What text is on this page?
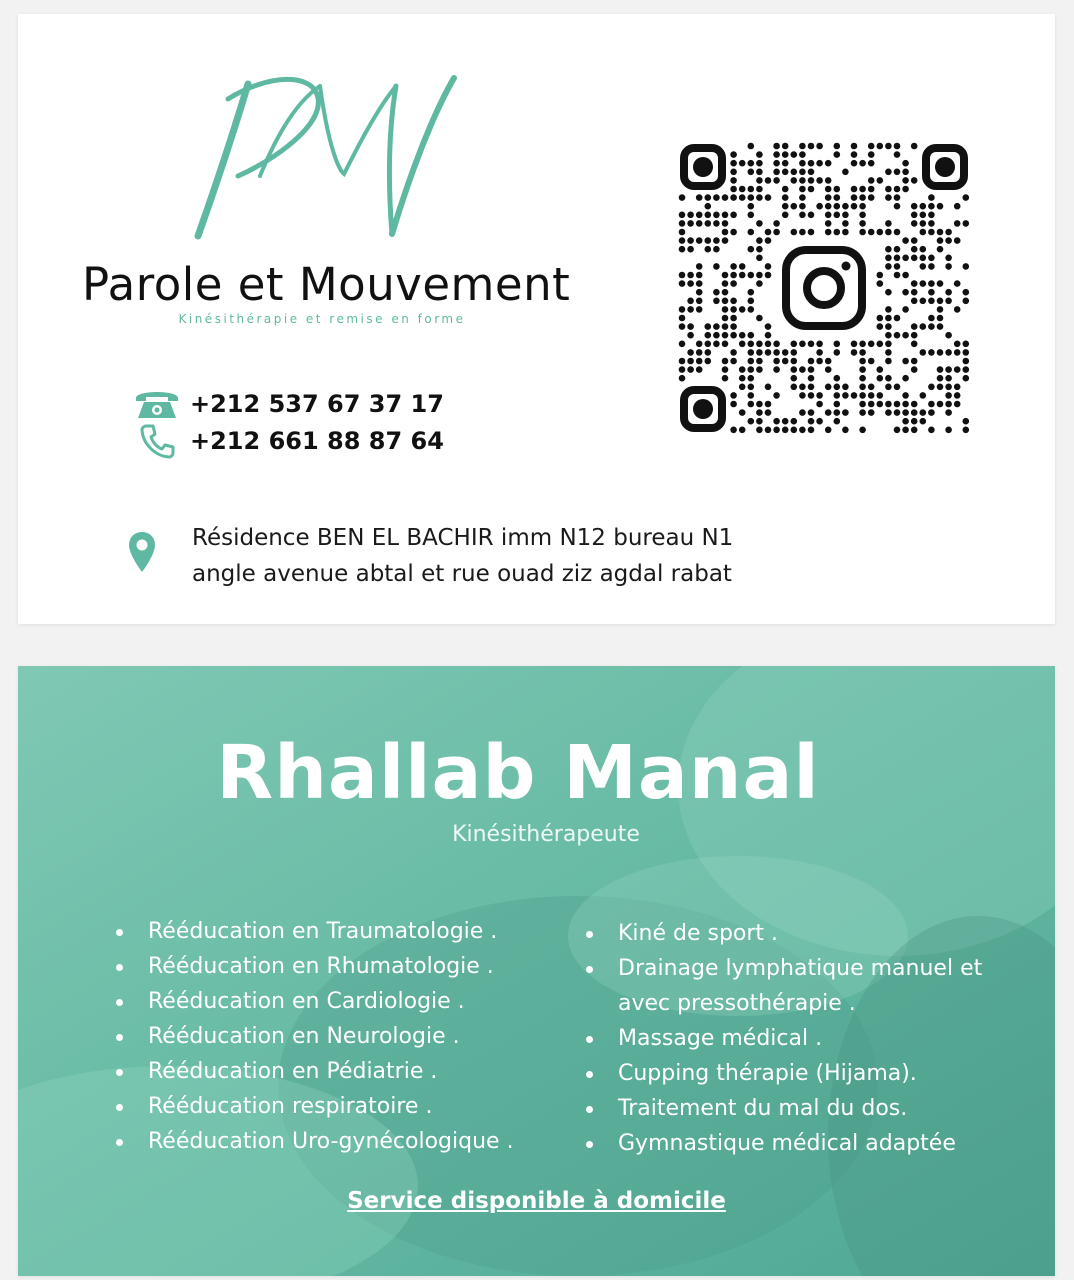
Parole et Mouvement
Kinésithérapie et remise en forme
+212 537 67 37 17
+212 661 88 87 64
Résidence BEN EL BACHIR imm N12 bureau N1
angle avenue abtal et rue ouad ziz agdal rabat
Rhallab Manal
Kinésithérapeute
Rééducation en Traumatologie .
Rééducation en Rhumatologie .
Rééducation en Cardiologie .
Rééducation en Neurologie .
Rééducation en Pédiatrie .
Rééducation respiratoire .
Rééducation Uro-gynécologique .
Kiné de sport .
Drainage lymphatique manuel et avec pressothérapie .
Massage médical .
Cupping thérapie (Hijama).
Traitement du mal du dos.
Gymnastique médical adaptée
Service disponible à domicile
